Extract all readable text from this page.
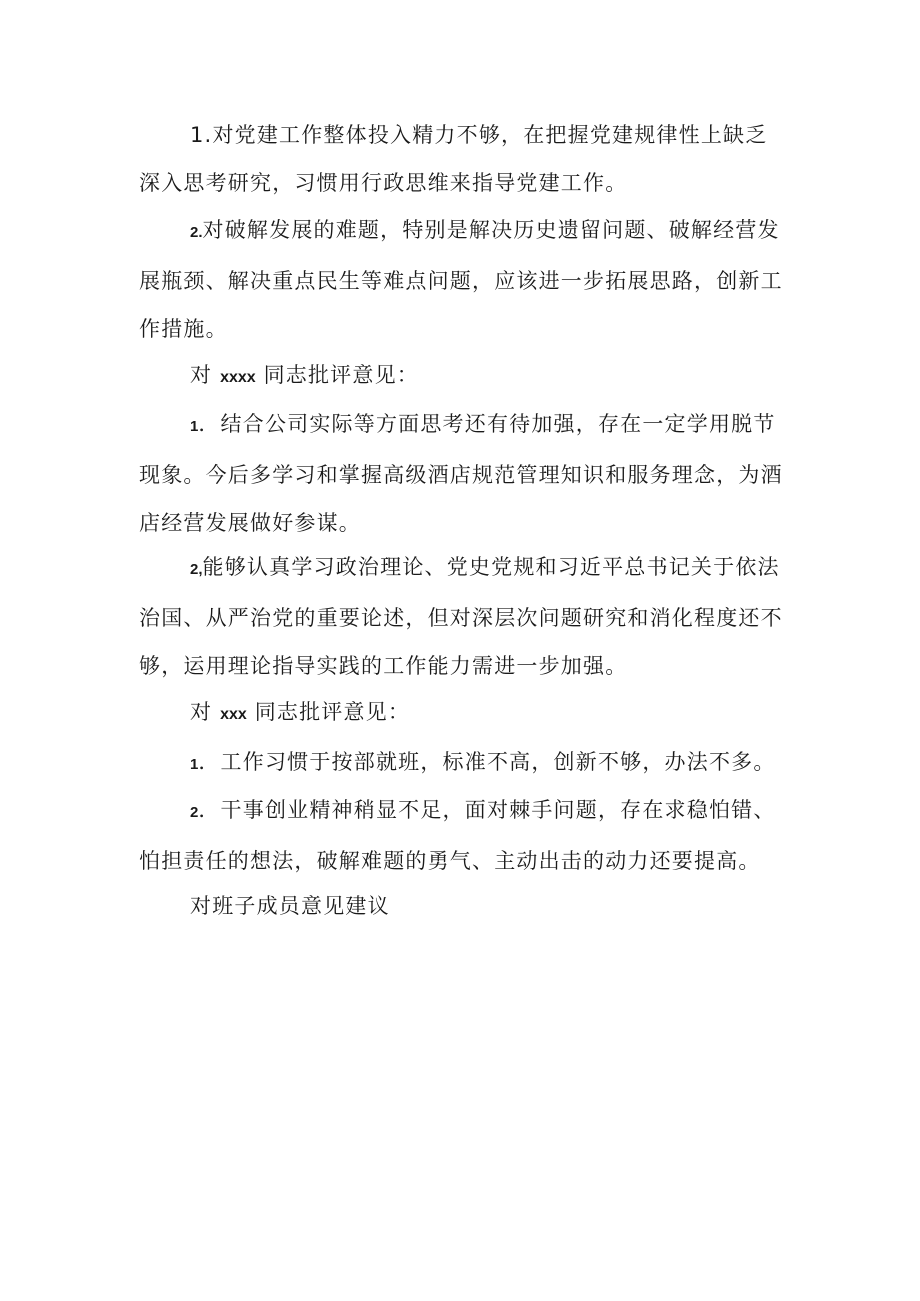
1.对党建工作整体投入精力不够，在把握党建规律性上缺乏深入思考研究，习惯用行政思维来指导党建工作。

2.对破解发展的难题，特别是解决历史遗留问题、破解经营发展瓶颈、解决重点民生等难点问题，应该进一步拓展思路，创新工作措施。

对 xxxx 同志批评意见：

1．结合公司实际等方面思考还有待加强，存在一定学用脱节现象。今后多学习和掌握高级酒店规范管理知识和服务理念，为酒店经营发展做好参谋。

2,能够认真学习政治理论、党史党规和习近平总书记关于依法治国、从严治党的重要论述，但对深层次问题研究和消化程度还不够，运用理论指导实践的工作能力需进一步加强。

对 xxx 同志批评意见：

1．工作习惯于按部就班，标准不高，创新不够，办法不多。

2．干事创业精神稍显不足，面对棘手问题，存在求稳怕错、怕担责任的想法，破解难题的勇气、主动出击的动力还要提高。

对班子成员意见建议
